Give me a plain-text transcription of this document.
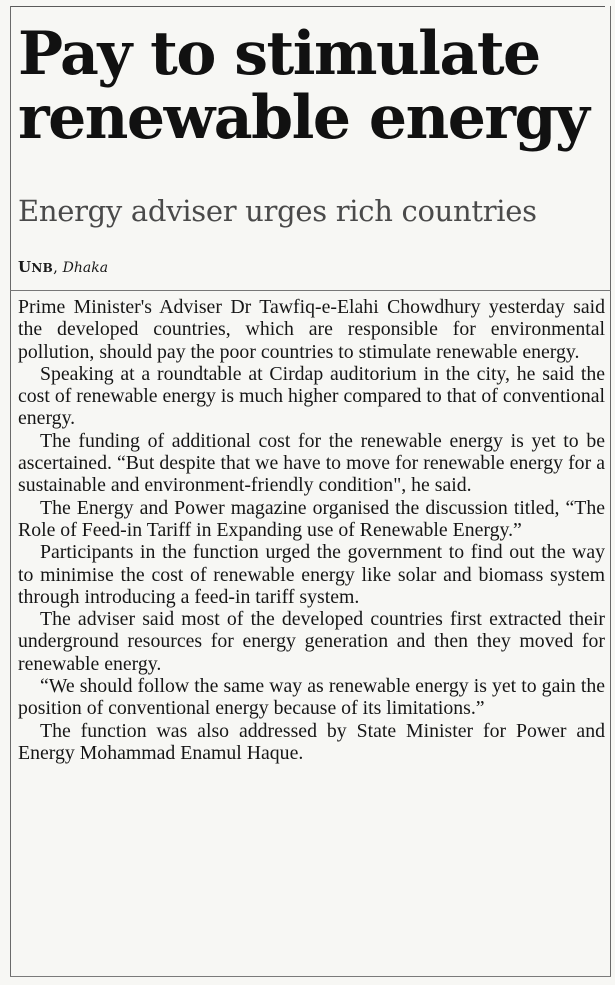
Pay to stimulate renewable energy
Energy adviser urges rich countries
UNB, Dhaka

Prime Minister's Adviser Dr Tawfiq-e-Elahi Chowdhury yesterday said the developed countries, which are responsible for environmental pollution, should pay the poor countries to stimulate renewable energy.

Speaking at a roundtable at Cirdap auditorium in the city, he said the cost of renewable energy is much higher compared to that of conventional energy.

The funding of additional cost for the renewable energy is yet to be ascertained. “But despite that we have to move for renewable energy for a sustainable and environment-friendly condition", he said.

The Energy and Power magazine organised the discussion titled, “The Role of Feed-in Tariff in Expanding use of Renewable Energy.”

Participants in the function urged the government to find out the way to minimise the cost of renewable energy like solar and biomass system through introducing a feed-in tariff system.

The adviser said most of the developed countries first extracted their underground resources for energy generation and then they moved for renewable energy.

“We should follow the same way as renewable energy is yet to gain the position of conventional energy because of its limitations.”

The function was also addressed by State Minister for Power and Energy Mohammad Enamul Haque.
